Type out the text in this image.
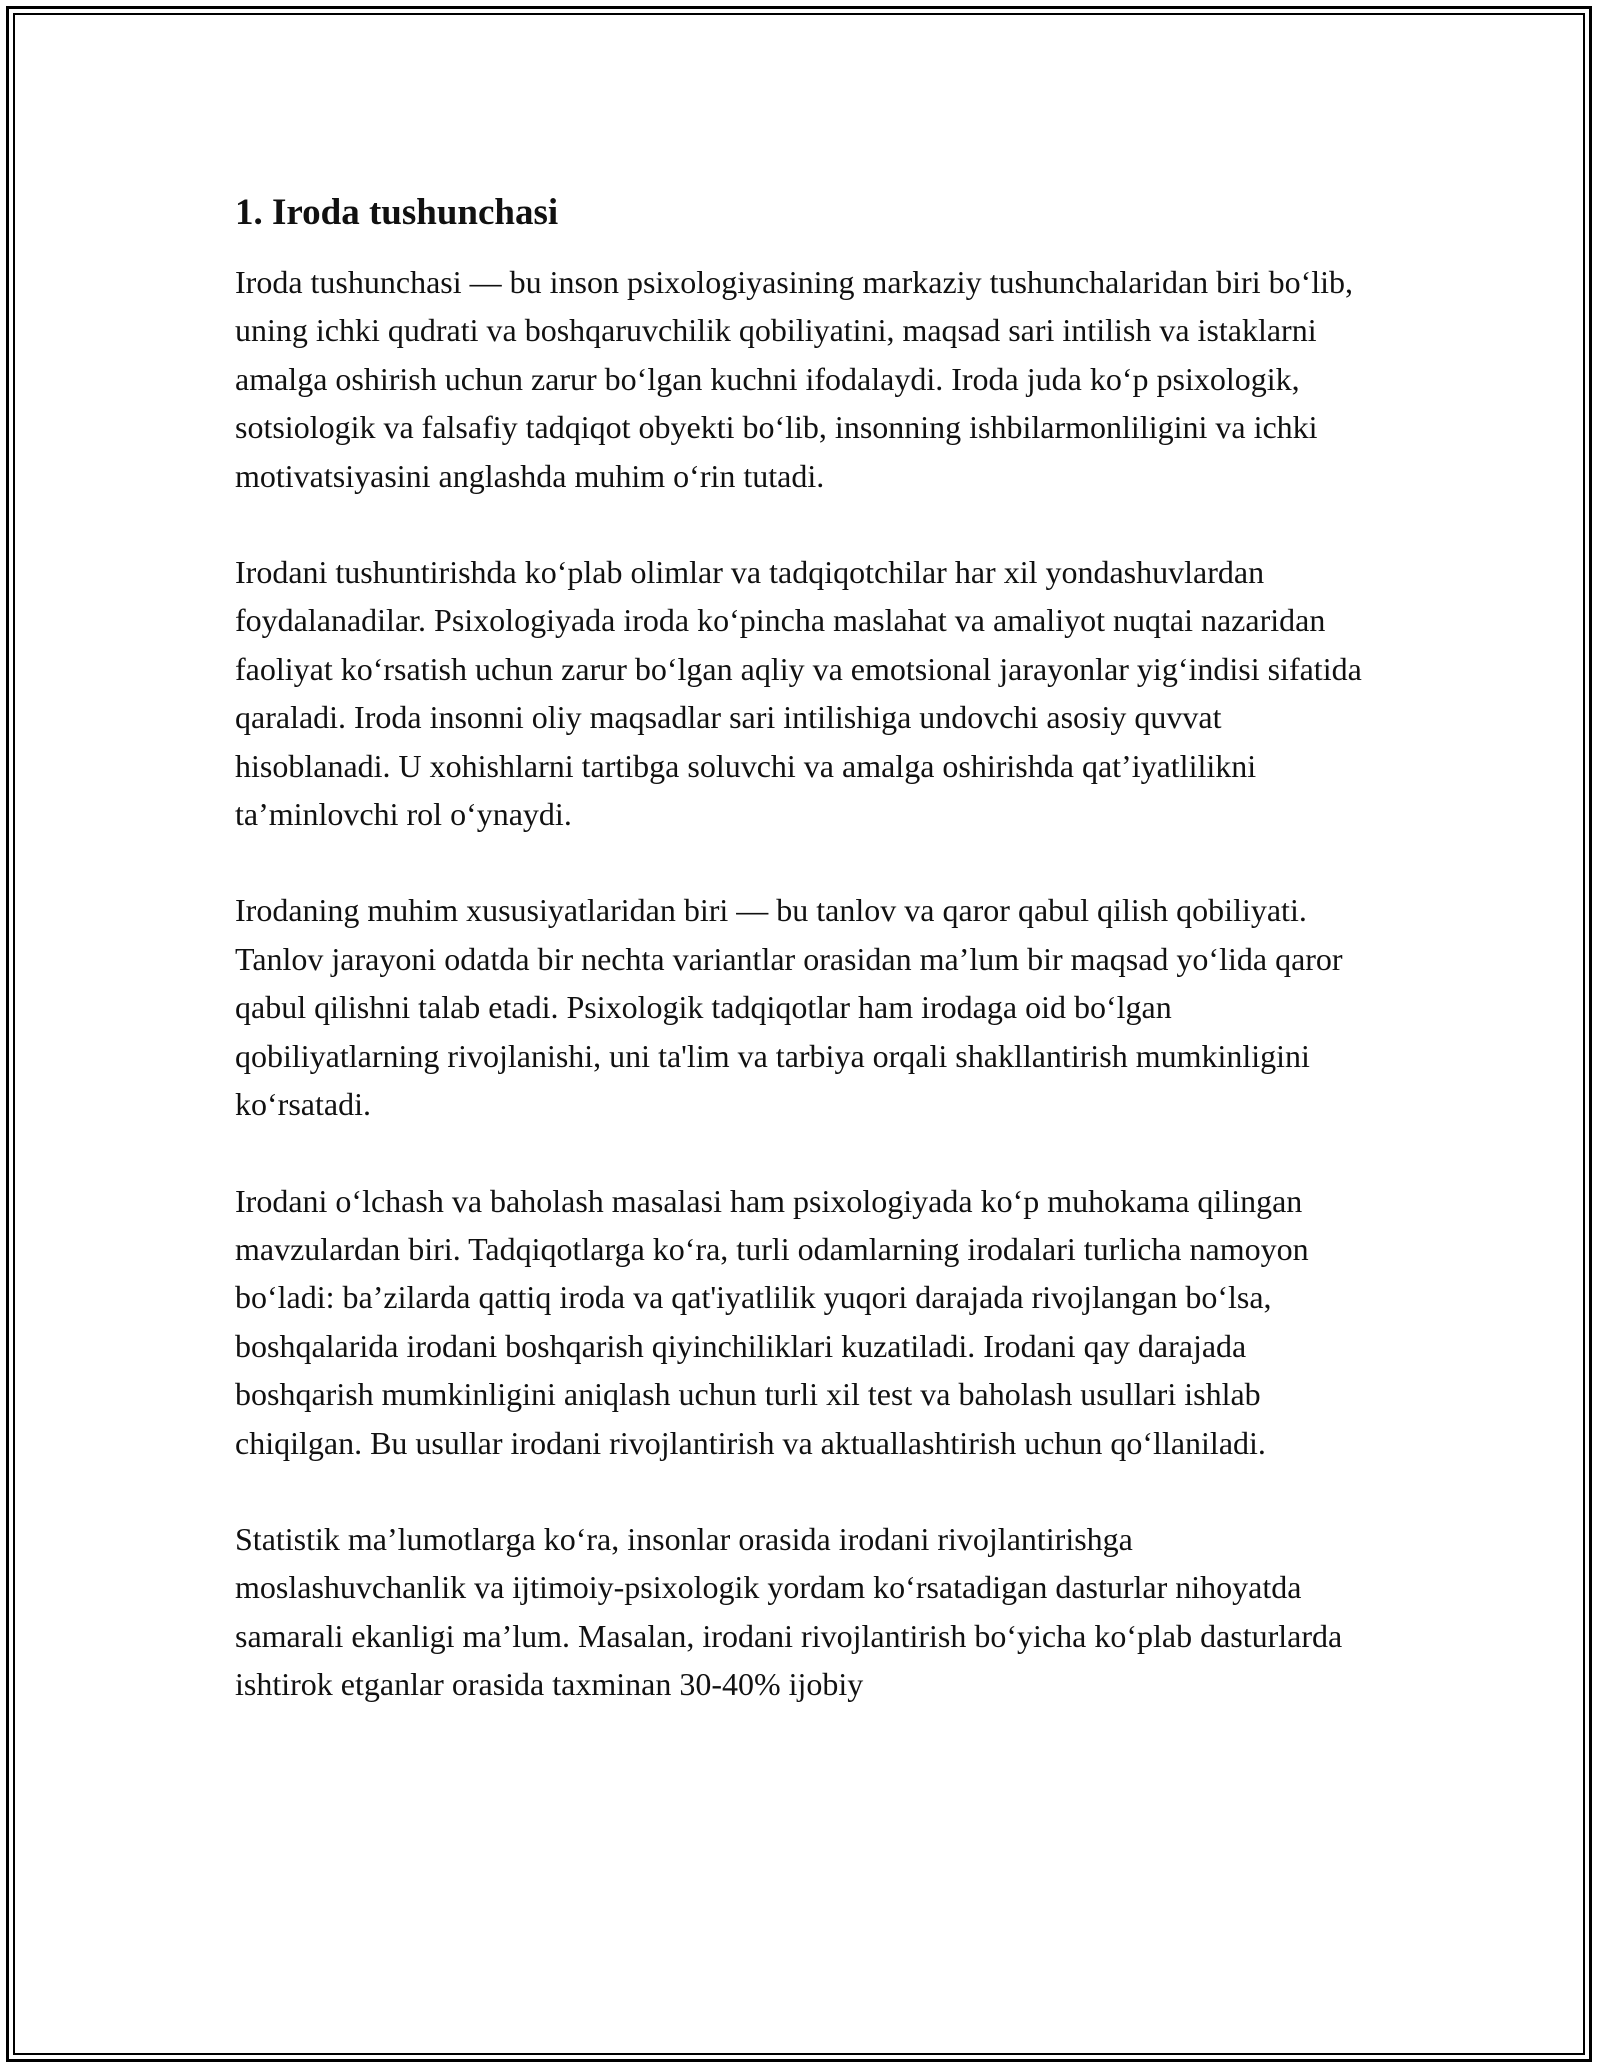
1. Iroda tushunchasi

Iroda tushunchasi — bu inson psixologiyasining markaziy tushunchalaridan biri bo‘lib, uning ichki qudrati va boshqaruvchilik qobiliyatini, maqsad sari intilish va istaklarni amalga oshirish uchun zarur bo‘lgan kuchni ifodalaydi. Iroda juda ko‘p psixologik, sotsiologik va falsafiy tadqiqot obyekti bo‘lib, insonning ishbilarmonliligini va ichki motivatsiyasini anglashda muhim o‘rin tutadi.

Irodani tushuntirishda ko‘plab olimlar va tadqiqotchilar har xil yondashuvlardan foydalanadilar. Psixologiyada iroda ko‘pincha maslahat va amaliyot nuqtai nazaridan faoliyat ko‘rsatish uchun zarur bo‘lgan aqliy va emotsional jarayonlar yig‘indisi sifatida qaraladi. Iroda insonni oliy maqsadlar sari intilishiga undovchi asosiy quvvat hisoblanadi. U xohishlarni tartibga soluvchi va amalga oshirishda qat’iyatlilikni ta’minlovchi rol o‘ynaydi.

Irodaning muhim xususiyatlaridan biri — bu tanlov va qaror qabul qilish qobiliyati. Tanlov jarayoni odatda bir nechta variantlar orasidan ma’lum bir maqsad yo‘lida qaror qabul qilishni talab etadi. Psixologik tadqiqotlar ham irodaga oid bo‘lgan qobiliyatlarning rivojlanishi, uni ta'lim va tarbiya orqali shakllantirish mumkinligini ko‘rsatadi.

Irodani o‘lchash va baholash masalasi ham psixologiyada ko‘p muhokama qilingan mavzulardan biri. Tadqiqotlarga ko‘ra, turli odamlarning irodalari turlicha namoyon bo‘ladi: ba’zilarda qattiq iroda va qat'iyatlilik yuqori darajada rivojlangan bo‘lsa, boshqalarida irodani boshqarish qiyinchiliklari kuzatiladi. Irodani qay darajada boshqarish mumkinligini aniqlash uchun turli xil test va baholash usullari ishlab chiqilgan. Bu usullar irodani rivojlantirish va aktuallashtirish uchun qo‘llaniladi.

Statistik ma’lumotlarga ko‘ra, insonlar orasida irodani rivojlantirishga moslashuvchanlik va ijtimoiy-psixologik yordam ko‘rsatadigan dasturlar nihoyatda samarali ekanligi ma’lum. Masalan, irodani rivojlantirish bo‘yicha ko‘plab dasturlarda ishtirok etganlar orasida taxminan 30-40% ijobiy
